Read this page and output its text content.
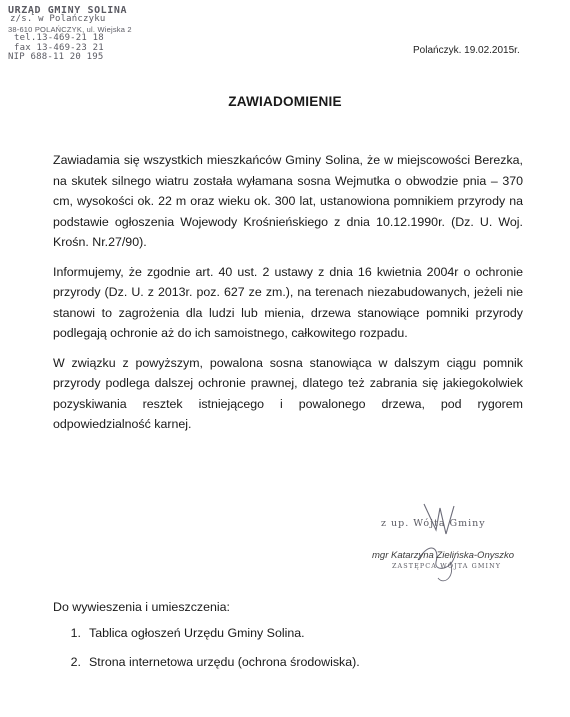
URZĄD GMINY SOLINA
z/s. w Polańczyku
38-610 POLAŃCZYK, ul. Wiejska 2
tel.13-469-21 18
fax 13-469-23 21
NIP 688-11 20 195
Polańczyk. 19.02.2015r.
ZAWIADOMIENIE

Zawiadamia się wszystkich mieszkańców Gminy Solina, że w miejscowości Berezka, na skutek silnego wiatru została wyłamana sosna Wejmutka o obwodzie pnia – 370 cm, wysokości ok. 22 m oraz wieku ok. 300 lat, ustanowiona pomnikiem przyrody na podstawie ogłoszenia Wojewody Krośnieńskiego z dnia 10.12.1990r. (Dz. U. Woj. Krośn. Nr.27/90).

Informujemy, że zgodnie art. 40 ust. 2 ustawy z dnia 16 kwietnia 2004r o ochronie przyrody (Dz. U. z 2013r. poz. 627 ze zm.), na terenach niezabudowanych, jeżeli nie stanowi to zagrożenia dla ludzi lub mienia, drzewa stanowiące pomniki przyrody podlegają ochronie aż do ich samoistnego, całkowitego rozpadu.

W związku z powyższym, powalona sosna stanowiąca w dalszym ciągu pomnik przyrody podlega dalszej ochronie prawnej, dlatego też zabrania się jakiegokolwiek pozyskiwania resztek istniejącego i powalonego drzewa, pod rygorem odpowiedzialność karnej.

z up. Wójta Gminy
mgr Katarzyna Zielińska-Onyszko
ZASTĘPCA WÓJTA GMINY
Do wywieszenia i umieszczenia:
1. Tablica ogłoszeń Urzędu Gminy Solina.
2. Strona internetowa urzędu (ochrona środowiska).
